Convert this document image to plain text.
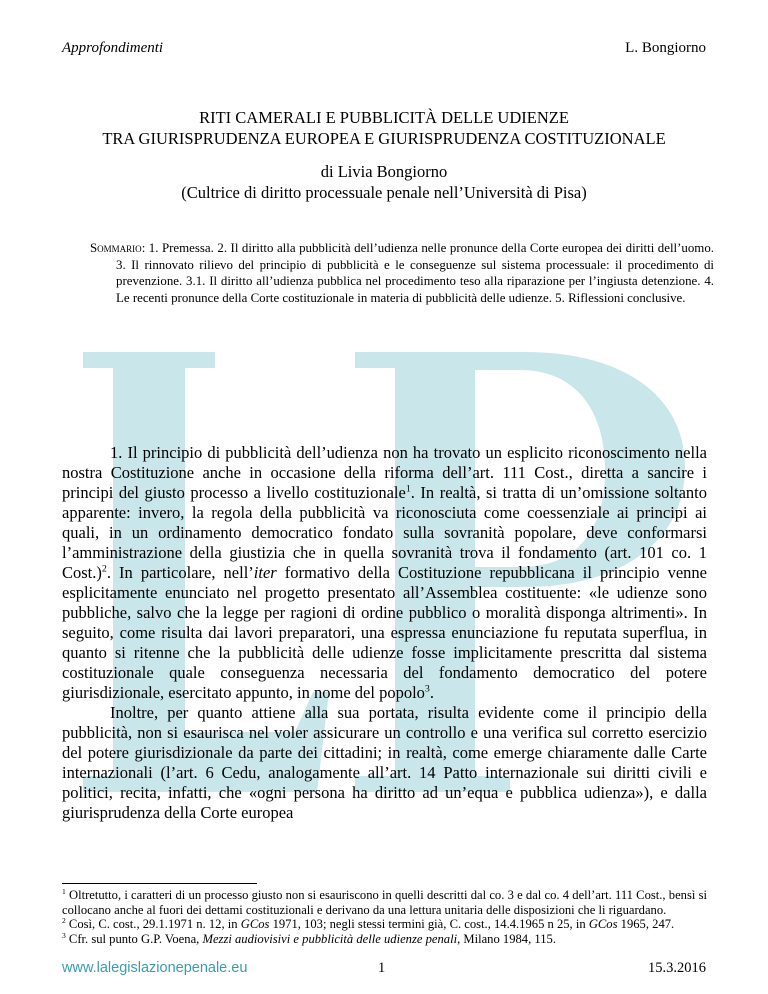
Approfondimenti	L. Bongiorno
RITI CAMERALI E PUBBLICITÀ DELLE UDIENZE
TRA GIURISPRUDENZA EUROPEA E GIURISPRUDENZA COSTITUZIONALE
di Livia Bongiorno
(Cultrice di diritto processuale penale nell’Università di Pisa)
Sommario: 1. Premessa. 2. Il diritto alla pubblicità dell’udienza nelle pronunce della Corte europea dei diritti dell’uomo. 3. Il rinnovato rilievo del principio di pubblicità e le conseguenze sul sistema processuale: il procedimento di prevenzione. 3.1. Il diritto all’udienza pubblica nel procedimento teso alla riparazione per l’ingiusta detenzione. 4. Le recenti pronunce della Corte costituzionale in materia di pubblicità delle udienze. 5. Riflessioni conclusive.

1. Il principio di pubblicità dell’udienza non ha trovato un esplicito riconoscimento nella nostra Costituzione anche in occasione della riforma dell’art. 111 Cost., diretta a sancire i principi del giusto processo a livello costituzionale$^1$. In realtà, si tratta di un’omissione soltanto apparente: invero, la regola della pubblicità va riconosciuta come coessenziale ai principi ai quali, in un ordinamento democratico fondato sulla sovranità popolare, deve conformarsi l’amministrazione della giustizia che in quella sovranità trova il fondamento (art. 101 co. 1 Cost.)$^2$. In particolare, nell’iter formativo della Costituzione repubblicana il principio venne esplicitamente enunciato nel progetto presentato all’Assemblea costituente: «le udienze sono pubbliche, salvo che la legge per ragioni di ordine pubblico o moralità disponga altrimenti». In seguito, come risulta dai lavori preparatori, una espressa enunciazione fu reputata superflua, in quanto si ritenne che la pubblicità delle udienze fosse implicitamente prescritta dal sistema costituzionale quale conseguenza necessaria del fondamento democratico del potere giurisdizionale, esercitato appunto, in nome del popolo$^3$.

Inoltre, per quanto attiene alla sua portata, risulta evidente come il principio della pubblicità, non si esaurisca nel voler assicurare un controllo e una verifica sul corretto esercizio del potere giurisdizionale da parte dei cittadini; in realtà, come emerge chiaramente dalle Carte internazionali (l’art. 6 Cedu, analogamente all’art. 14 Patto internazionale sui diritti civili e politici, recita, infatti, che «ogni persona ha diritto ad un’equa e pubblica udienza»), e dalla giurisprudenza della Corte europea

$^1$ Oltretutto, i caratteri di un processo giusto non si esauriscono in quelli descritti dal co. 3 e dal co. 4 dell’art. 111 Cost., bensì si collocano anche al fuori dei dettami costituzionali e derivano da una lettura unitaria delle disposizioni che li riguardano.

$^2$ Così, C. cost., 29.1.1971 n. 12, in GCos 1971, 103; negli stessi termini già, C. cost., 14.4.1965 n 25, in GCos 1965, 247.

$^3$ Cfr. sul punto G.P. Voena, Mezzi audiovisivi e pubblicità delle udienze penali, Milano 1984, 115.

www.lalegislazionepenale.eu	1	15.3.2016
